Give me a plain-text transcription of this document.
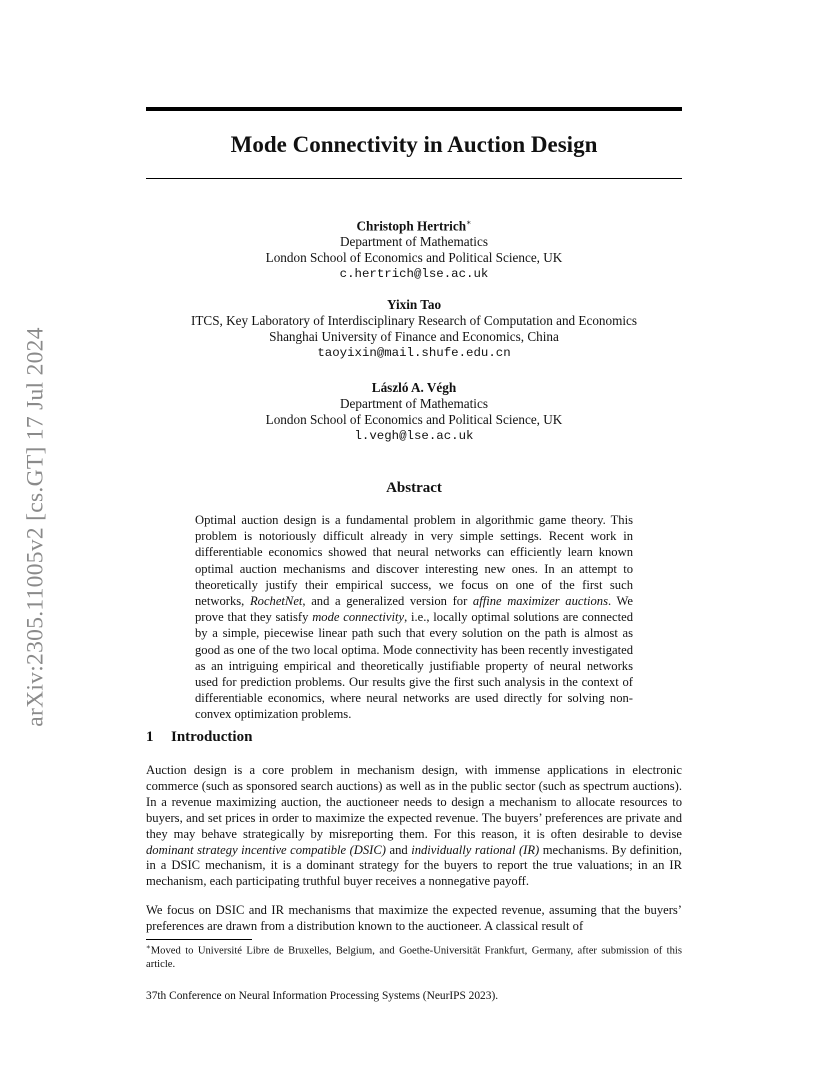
arXiv:2305.11005v2 [cs.GT] 17 Jul 2024
Mode Connectivity in Auction Design
Christoph Hertrich∗
Department of Mathematics
London School of Economics and Political Science, UK
c.hertrich@lse.ac.uk
Yixin Tao
ITCS, Key Laboratory of Interdisciplinary Research of Computation and Economics
Shanghai University of Finance and Economics, China
taoyixin@mail.shufe.edu.cn
László A. Végh
Department of Mathematics
London School of Economics and Political Science, UK
l.vegh@lse.ac.uk
Abstract
Optimal auction design is a fundamental problem in algorithmic game theory. This problem is notoriously difficult already in very simple settings. Recent work in differentiable economics showed that neural networks can efficiently learn known optimal auction mechanisms and discover interesting new ones. In an attempt to theoretically justify their empirical success, we focus on one of the first such networks, RochetNet, and a generalized version for affine maximizer auctions. We prove that they satisfy mode connectivity, i.e., locally optimal solutions are connected by a simple, piecewise linear path such that every solution on the path is almost as good as one of the two local optima. Mode connectivity has been recently investigated as an intriguing empirical and theoretically justifiable property of neural networks used for prediction problems. Our results give the first such analysis in the context of differentiable economics, where neural networks are used directly for solving non-convex optimization problems.
1 Introduction
Auction design is a core problem in mechanism design, with immense applications in electronic commerce (such as sponsored search auctions) as well as in the public sector (such as spectrum auctions). In a revenue maximizing auction, the auctioneer needs to design a mechanism to allocate resources to buyers, and set prices in order to maximize the expected revenue. The buyers’ preferences are private and they may behave strategically by misreporting them. For this reason, it is often desirable to devise dominant strategy incentive compatible (DSIC) and individually rational (IR) mechanisms. By definition, in a DSIC mechanism, it is a dominant strategy for the buyers to report the true valuations; in an IR mechanism, each participating truthful buyer receives a nonnegative payoff.
We focus on DSIC and IR mechanisms that maximize the expected revenue, assuming that the buyers’ preferences are drawn from a distribution known to the auctioneer. A classical result of
∗Moved to Université Libre de Bruxelles, Belgium, and Goethe-Universität Frankfurt, Germany, after submission of this article.
37th Conference on Neural Information Processing Systems (NeurIPS 2023).
